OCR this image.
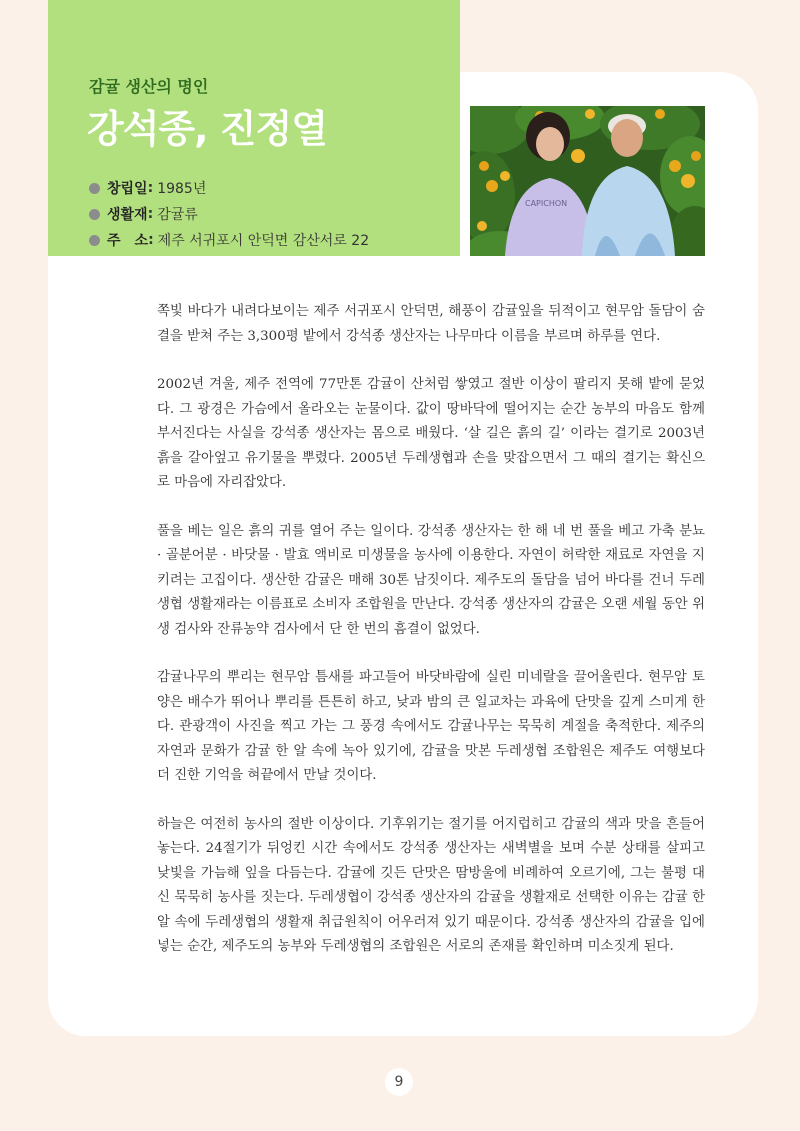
감귤 생산의 명인
강석종, 진정열
창립일 : 1985년
생활재 : 감귤류
주　소 : 제주 서귀포시 안덕면 감산서로 22
CAPICHON

쪽빛 바다가 내려다보이는 제주 서귀포시 안덕면, 해풍이 감귤잎을 뒤적이고 현무암 돌담이 숨결을 받쳐 주는 3,300평 밭에서 강석종 생산자는 나무마다 이름을 부르며 하루를 연다.

2002년 겨울, 제주 전역에 77만톤 감귤이 산처럼 쌓였고 절반 이상이 팔리지 못해 밭에 묻었다. 그 광경은 가슴에서 올라오는 눈물이다. 값이 땅바닥에 떨어지는 순간 농부의 마음도 함께 부서진다는 사실을 강석종 생산자는 몸으로 배웠다. ‘살 길은 흙의 길’ 이라는 결기로 2003년 흙을 갈아엎고 유기물을 뿌렸다. 2005년 두레생협과 손을 맞잡으면서 그 때의 결기는 확신으로 마음에 자리잡았다.

풀을 베는 일은 흙의 귀를 열어 주는 일이다. 강석종 생산자는 한 해 네 번 풀을 베고 가축 분뇨 · 골분어분 · 바닷물 · 발효 액비로 미생물을 농사에 이용한다. 자연이 허락한 재료로 자연을 지키려는 고집이다. 생산한 감귤은 매해 30톤 남짓이다. 제주도의 돌담을 넘어 바다를 건너 두레생협 생활재라는 이름표로 소비자 조합원을 만난다. 강석종 생산자의 감귤은 오랜 세월 동안 위생 검사와 잔류농약 검사에서 단 한 번의 흠결이 없었다.

감귤나무의 뿌리는 현무암 틈새를 파고들어 바닷바람에 실린 미네랄을 끌어올린다. 현무암 토양은 배수가 뛰어나 뿌리를 튼튼히 하고, 낮과 밤의 큰 일교차는 과육에 단맛을 깊게 스미게 한다. 관광객이 사진을 찍고 가는 그 풍경 속에서도 감귤나무는 묵묵히 계절을 축적한다. 제주의 자연과 문화가 감귤 한 알 속에 녹아 있기에, 감귤을 맛본 두레생협 조합원은 제주도 여행보다 더 진한 기억을 혀끝에서 만날 것이다.

하늘은 여전히 농사의 절반 이상이다. 기후위기는 절기를 어지럽히고 감귤의 색과 맛을 흔들어 놓는다. 24절기가 뒤엉킨 시간 속에서도 강석종 생산자는 새벽별을 보며 수분 상태를 살피고 낮빛을 가늠해 잎을 다듬는다. 감귤에 깃든 단맛은 땀방울에 비례하여 오르기에, 그는 불평 대신 묵묵히 농사를 짓는다. 두레생협이 강석종 생산자의 감귤을 생활재로 선택한 이유는 감귤 한 알 속에 두레생협의 생활재 취급원칙이 어우러져 있기 때문이다. 강석종 생산자의 감귤을 입에 넣는 순간, 제주도의 농부와 두레생협의 조합원은 서로의 존재를 확인하며 미소짓게 된다.

9
